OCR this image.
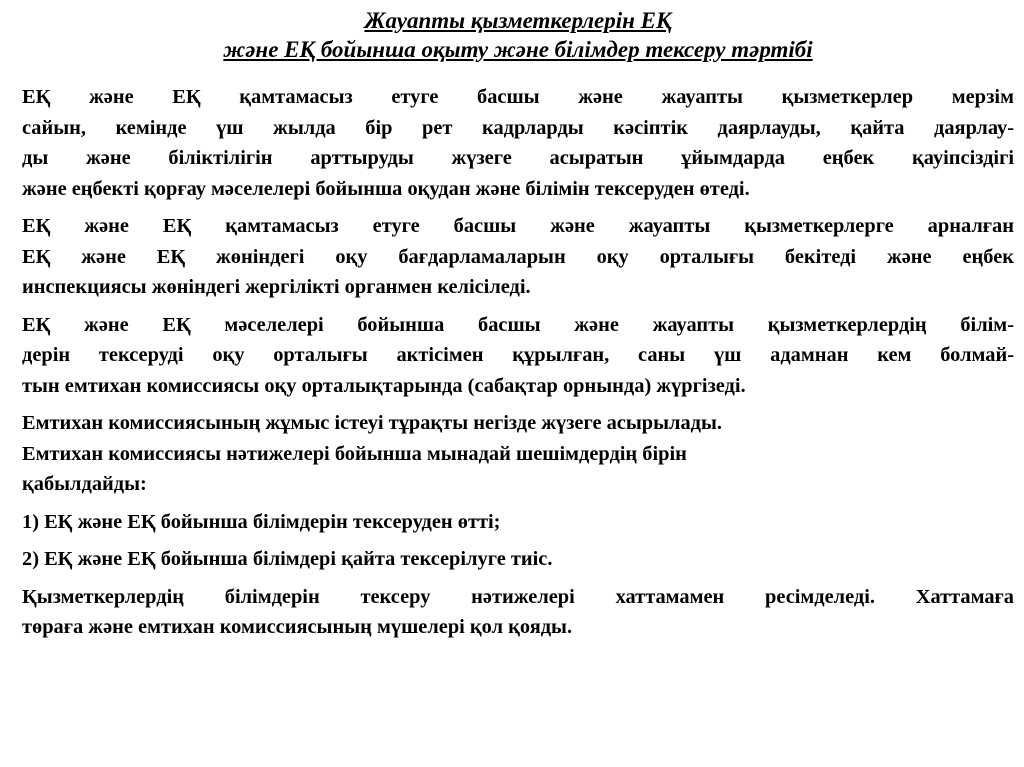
Жауапты қызметкерлерін ЕҚ
және ЕҚ бойынша оқыту және білімдер тексеру тәртібі
ЕҚ және ЕҚ қамтамасыз етуге басшы және жауапты қызметкерлер мерзім
сайын, кемінде үш жылда бір рет кадрларды кәсіптік даярлауды, қайта даярлау-
ды және біліктілігін арттыруды жүзеге асыратын ұйымдарда еңбек қауіпсіздігі
және еңбекті қорғау мәселелері бойынша оқудан және білімін тексеруден өтеді.
ЕҚ және ЕҚ қамтамасыз етуге басшы және жауапты қызметкерлерге арналған
ЕҚ және ЕҚ жөніндегі оқу бағдарламаларын оқу орталығы бекітеді және еңбек
инспекциясы жөніндегі жергілікті органмен келісіледі.
ЕҚ және ЕҚ мәселелері бойынша басшы және жауапты қызметкерлердің білім-
дерін тексеруді оқу орталығы актісімен құрылған, саны үш адамнан кем болмай-
тын емтихан комиссиясы оқу орталықтарында (сабақтар орнында) жүргізеді.
Емтихан комиссиясының жұмыс істеуі тұрақты негізде жүзеге асырылады.
Емтихан комиссиясы нәтижелері бойынша мынадай шешімдердің бірін
қабылдайды:
1) ЕҚ және ЕҚ бойынша білімдерін тексеруден өтті;
2) ЕҚ және ЕҚ бойынша білімдері қайта тексерілуге тиіс.
Қызметкерлердің білімдерін тексеру нәтижелері хаттамамен ресімделеді. Хаттамаға
төраға және емтихан комиссиясының мүшелері қол қояды.
